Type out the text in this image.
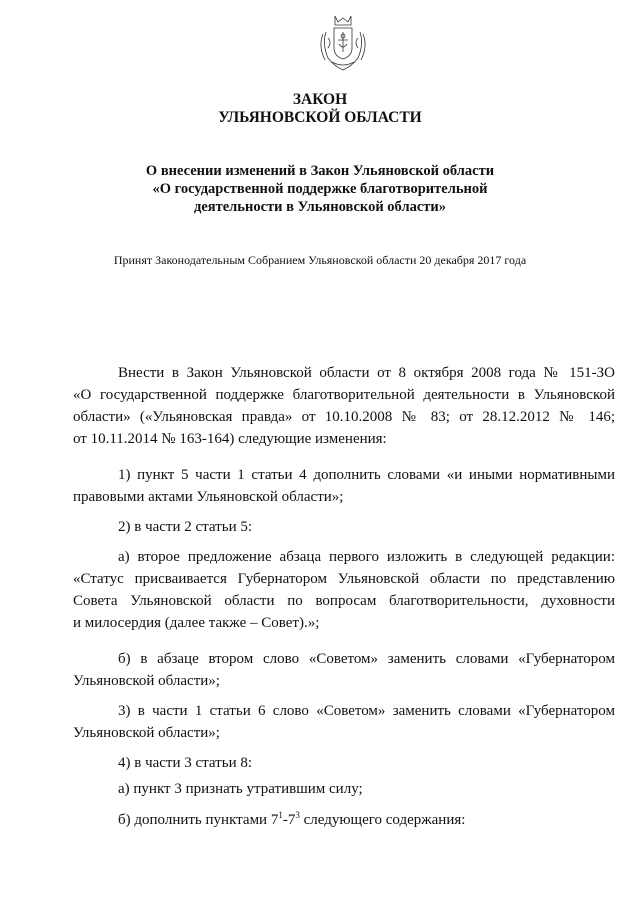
ЗАКОН
УЛЬЯНОВСКОЙ ОБЛАСТИ
О внесении изменений в Закон Ульяновской области
«О государственной поддержке благотворительной
деятельности в Ульяновской области»
Принят Законодательным Собранием Ульяновской области 20 декабря 2017 года
Внести в Закон Ульяновской области от 8 октября 2008 года № 151-ЗО
«О государственной поддержке благотворительной деятельности в Ульяновской
области» («Ульяновская правда» от 10.10.2008 № 83; от 28.12.2012 № 146;
от 10.11.2014 № 163-164) следующие изменения:
1) пункт 5 части 1 статьи 4 дополнить словами «и иными нормативными
правовыми актами Ульяновской области»;
2) в части 2 статьи 5:
а) второе предложение абзаца первого изложить в следующей редакции:
«Статус присваивается Губернатором Ульяновской области по представлению
Совета Ульяновской области по вопросам благотворительности, духовности
и милосердия (далее также – Совет).»;
б) в абзаце втором слово «Советом» заменить словами «Губернатором
Ульяновской области»;
3) в части 1 статьи 6 слово «Советом» заменить словами «Губернатором
Ульяновской области»;
4) в части 3 статьи 8:
а) пункт 3 признать утратившим силу;
б) дополнить пунктами $7^1-7^3$ следующего содержания:
